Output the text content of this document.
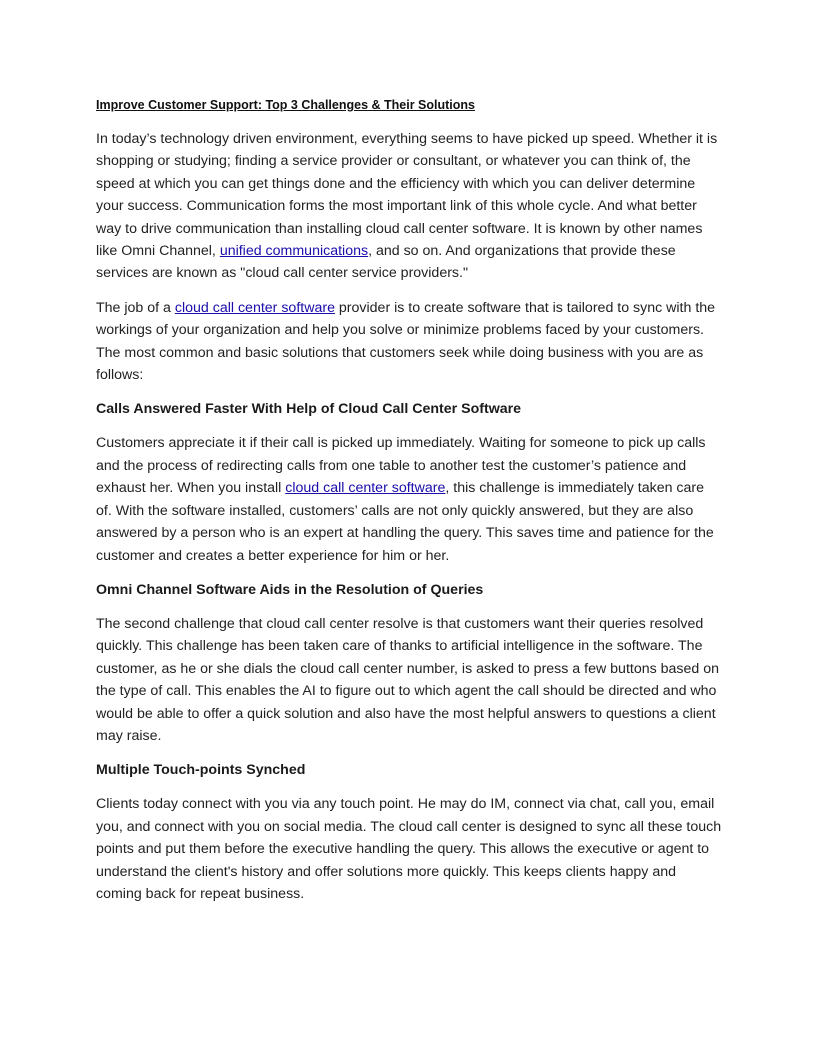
Improve Customer Support: Top 3 Challenges & Their Solutions

In today’s technology driven environment, everything seems to have picked up speed. Whether it is shopping or studying; finding a service provider or consultant, or whatever you can think of, the speed at which you can get things done and the efficiency with which you can deliver determine your success. Communication forms the most important link of this whole cycle. And what better way to drive communication than installing cloud call center software. It is known by other names like Omni Channel, unified communications, and so on. And organizations that provide these services are known as "cloud call center service providers."

The job of a cloud call center software provider is to create software that is tailored to sync with the workings of your organization and help you solve or minimize problems faced by your customers. The most common and basic solutions that customers seek while doing business with you are as follows:

Calls Answered Faster With Help of Cloud Call Center Software

Customers appreciate it if their call is picked up immediately. Waiting for someone to pick up calls and the process of redirecting calls from one table to another test the customer’s patience and exhaust her. When you install cloud call center software, this challenge is immediately taken care of. With the software installed, customers’ calls are not only quickly answered, but they are also answered by a person who is an expert at handling the query. This saves time and patience for the customer and creates a better experience for him or her.

Omni Channel Software Aids in the Resolution of Queries

The second challenge that cloud call center resolve is that customers want their queries resolved quickly. This challenge has been taken care of thanks to artificial intelligence in the software. The customer, as he or she dials the cloud call center number, is asked to press a few buttons based on the type of call. This enables the AI to figure out to which agent the call should be directed and who would be able to offer a quick solution and also have the most helpful answers to questions a client may raise.

Multiple Touch-points Synched

Clients today connect with you via any touch point. He may do IM, connect via chat, call you, email you, and connect with you on social media. The cloud call center is designed to sync all these touch points and put them before the executive handling the query. This allows the executive or agent to understand the client's history and offer solutions more quickly. This keeps clients happy and coming back for repeat business.
